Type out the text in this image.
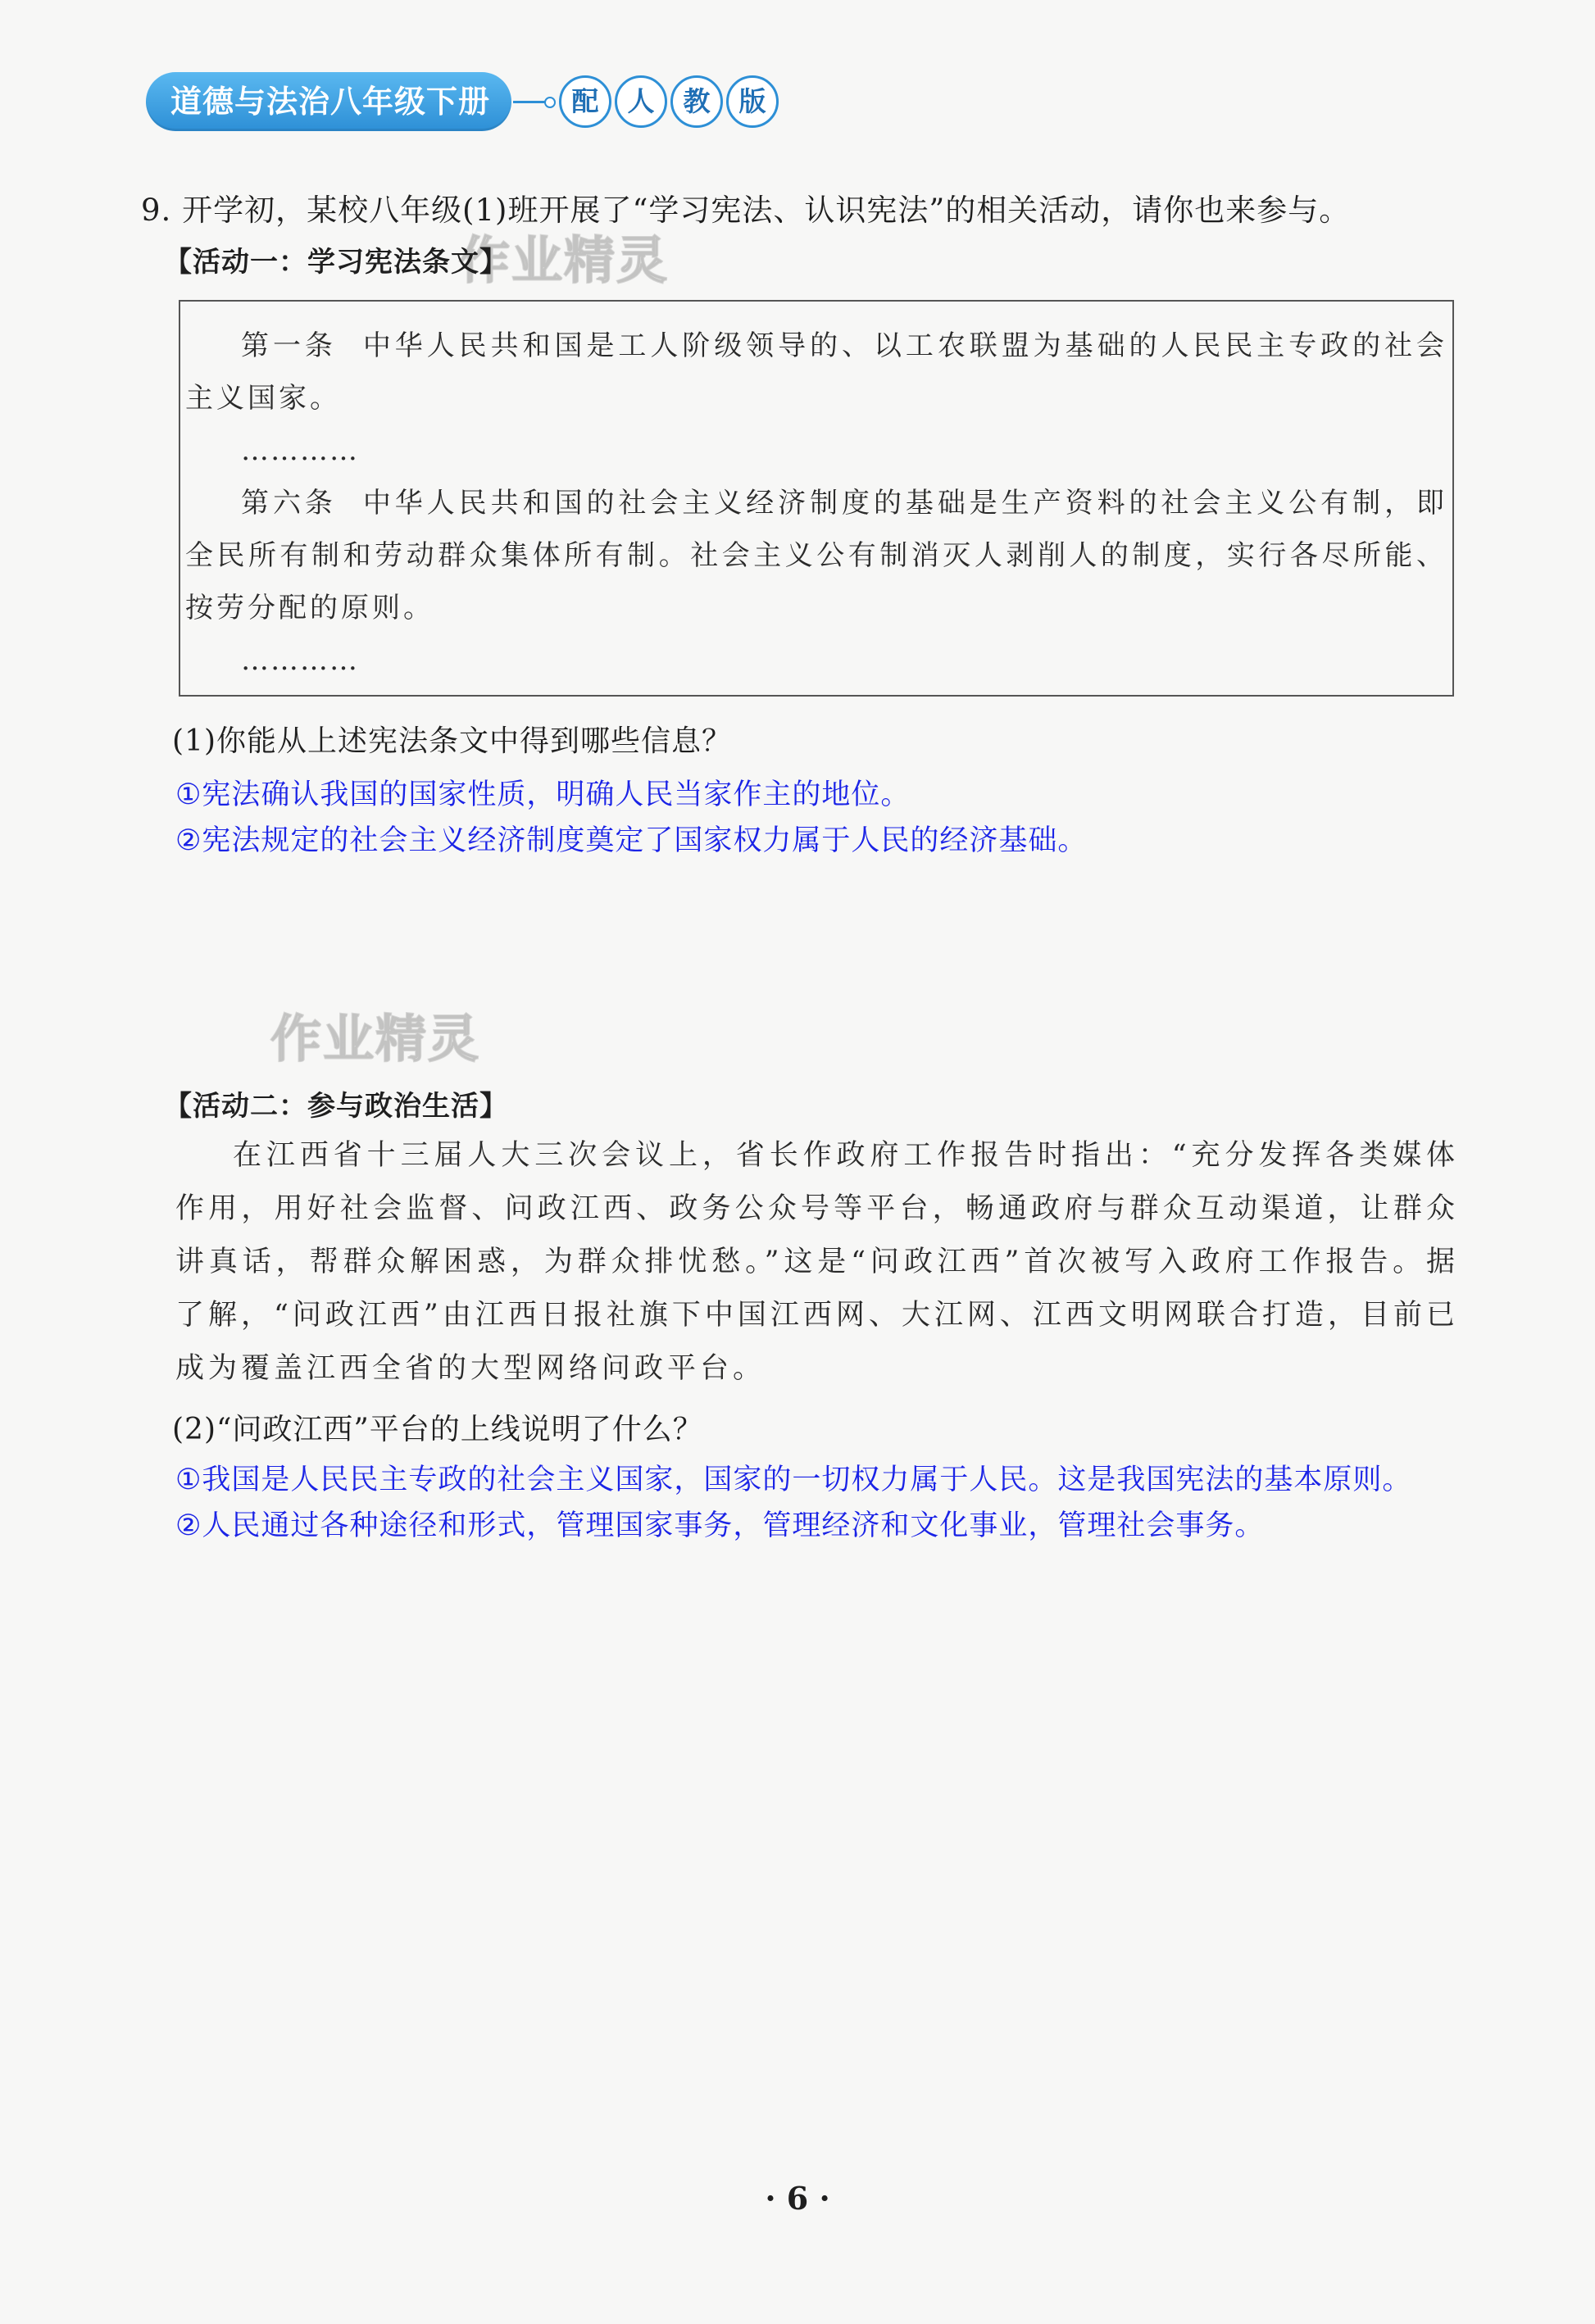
道德与法治八年级下册	配	人	教	版
9. 开学初，某校八年级(1)班开展了“学习宪法、认识宪法”的相关活动，请你也来参与。
作业精灵
【活动一：学习宪法条文】

第一条 中华人民共和国是工人阶级领导的、以工农联盟为基础的人民民主专政的社会主义国家。

…………

第六条 中华人民共和国的社会主义经济制度的基础是生产资料的社会主义公有制，即全民所有制和劳动群众集体所有制。社会主义公有制消灭人剥削人的制度，实行各尽所能、按劳分配的原则。

…………

(1)你能从上述宪法条文中得到哪些信息？
①宪法确认我国的国家性质，明确人民当家作主的地位。
②宪法规定的社会主义经济制度奠定了国家权力属于人民的经济基础。
作业精灵
【活动二：参与政治生活】
在江西省十三届人大三次会议上，省长作政府工作报告时指出：“充分发挥各类媒体作用，用好社会监督、问政江西、政务公众号等平台，畅通政府与群众互动渠道，让群众讲真话，帮群众解困惑，为群众排忧愁。”这是“问政江西”首次被写入政府工作报告。据了解，“问政江西”由江西日报社旗下中国江西网、大江网、江西文明网联合打造，目前已成为覆盖江西全省的大型网络问政平台。
(2)“问政江西”平台的上线说明了什么？
①我国是人民民主专政的社会主义国家，国家的一切权力属于人民。这是我国宪法的基本原则。
②人民通过各种途径和形式，管理国家事务，管理经济和文化事业，管理社会事务。
· 6 ·
